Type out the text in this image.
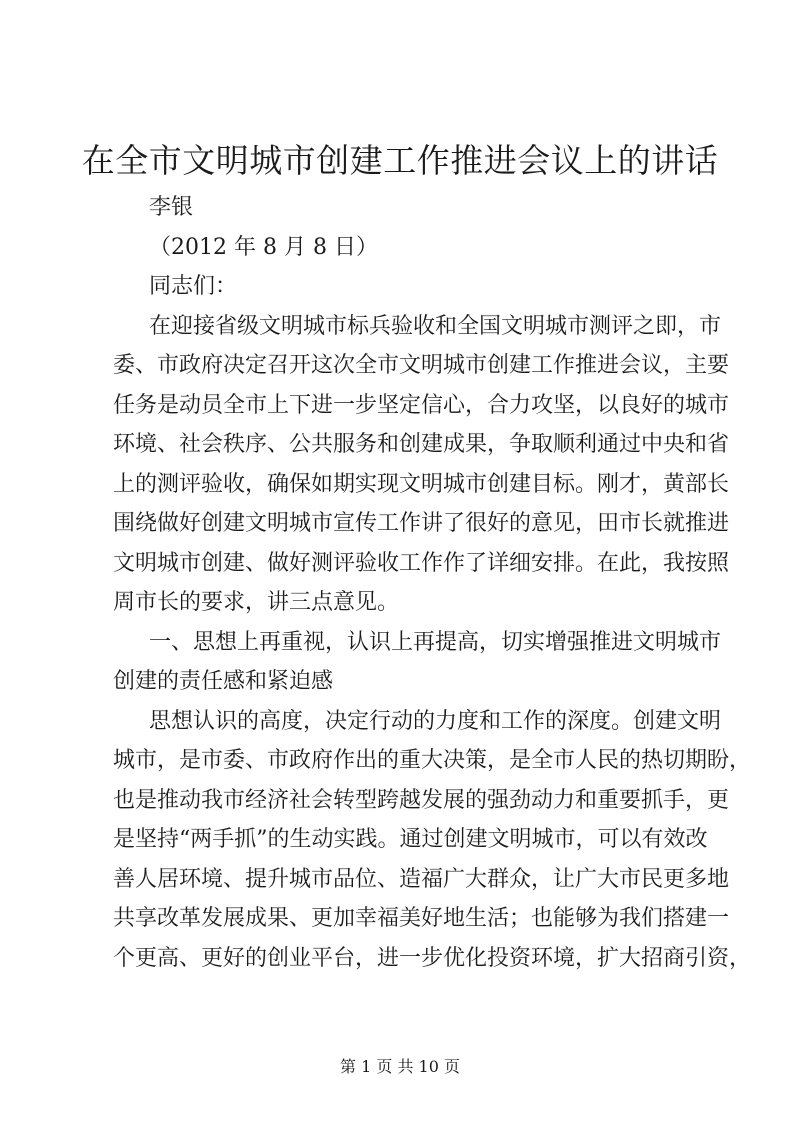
在全市文明城市创建工作推进会议上的讲话
李银
（2012 年 8 月 8 日）
同志们：
在迎接省级文明城市标兵验收和全国文明城市测评之即，市
委、市政府决定召开这次全市文明城市创建工作推进会议，主要
任务是动员全市上下进一步坚定信心，合力攻坚，以良好的城市
环境、社会秩序、公共服务和创建成果，争取顺利通过中央和省
上的测评验收，确保如期实现文明城市创建目标。刚才，黄部长
围绕做好创建文明城市宣传工作讲了很好的意见，田市长就推进
文明城市创建、做好测评验收工作作了详细安排。在此，我按照
周市长的要求，讲三点意见。
一、思想上再重视，认识上再提高，切实增强推进文明城市
创建的责任感和紧迫感
思想认识的高度，决定行动的力度和工作的深度。创建文明
城市，是市委、市政府作出的重大决策，是全市人民的热切期盼，
也是推动我市经济社会转型跨越发展的强劲动力和重要抓手，更
是坚持“两手抓”的生动实践。通过创建文明城市，可以有效改
善人居环境、提升城市品位、造福广大群众，让广大市民更多地
共享改革发展成果、更加幸福美好地生活；也能够为我们搭建一
个更高、更好的创业平台，进一步优化投资环境，扩大招商引资，
第 1 页 共 10 页
